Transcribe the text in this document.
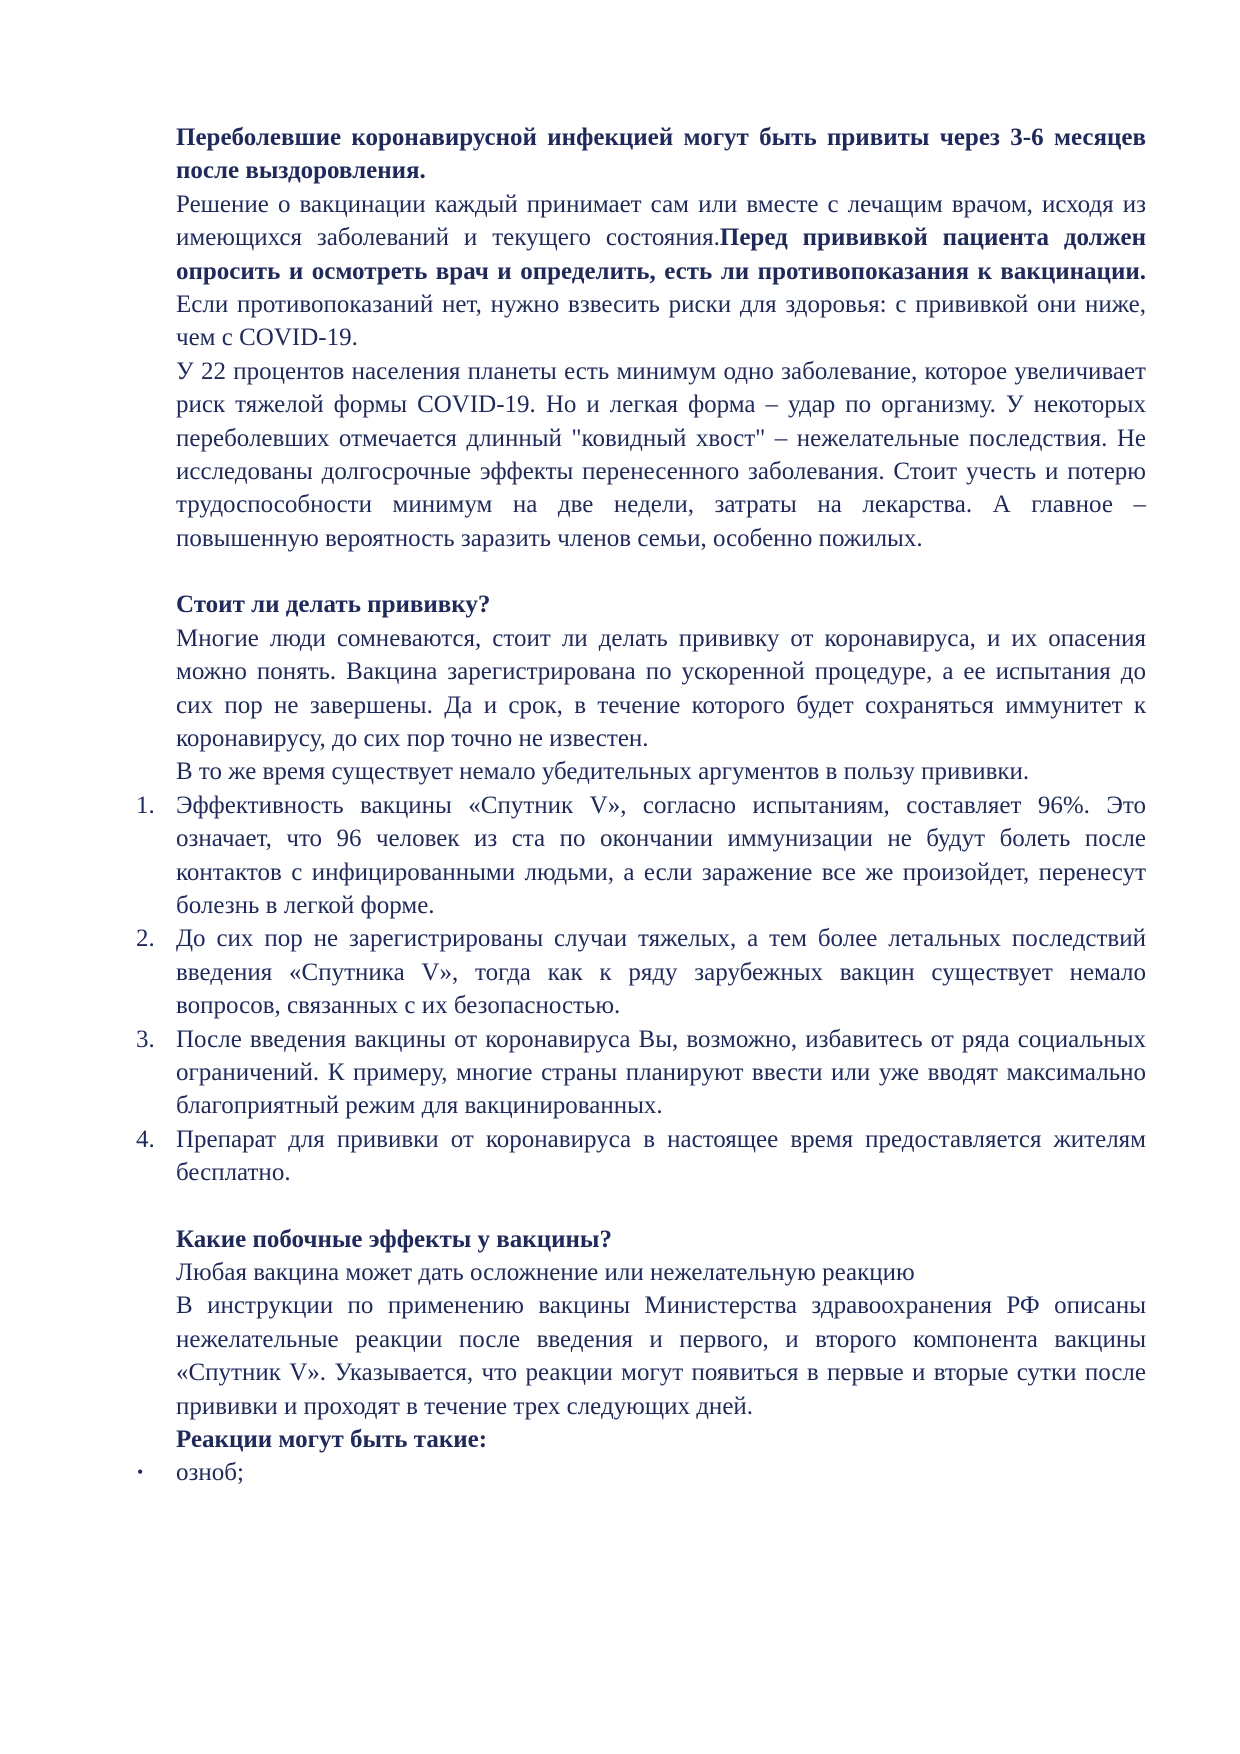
Переболевшие коронавирусной инфекцией могут быть привиты через 3-6 месяцев после выздоровления.

Решение о вакцинации каждый принимает сам или вместе с лечащим врачом, исходя из имеющихся заболеваний и текущего состояния.Перед прививкой пациента должен опросить и осмотреть врач и определить, есть ли противопоказания к вакцинации. Если противопоказаний нет, нужно взвесить риски для здоровья: с прививкой они ниже, чем с COVID-19.

У 22 процентов населения планеты есть минимум одно заболевание, которое увеличивает риск тяжелой формы COVID-19. Но и легкая форма – удар по организму. У некоторых переболевших отмечается длинный "ковидный хвост" – нежелательные последствия. Не исследованы долгосрочные эффекты перенесенного заболевания. Стоит учесть и потерю трудоспособности минимум на две недели, затраты на лекарства. А главное – повышенную вероятность заразить членов семьи, особенно пожилых.

Стоит ли делать прививку?

Многие люди сомневаются, стоит ли делать прививку от коронавируса, и их опасения можно понять. Вакцина зарегистрирована по ускоренной процедуре, а ее испытания до сих пор не завершены. Да и срок, в течение которого будет сохраняться иммунитет к коронавирусу, до сих пор точно не известен.

В то же время существует немало убедительных аргументов в пользу прививки.

1. Эффективность вакцины «Спутник V», согласно испытаниям, составляет 96%. Это означает, что 96 человек из ста по окончании иммунизации не будут болеть после контактов с инфицированными людьми, а если заражение все же произойдет, перенесут болезнь в легкой форме.
2. До сих пор не зарегистрированы случаи тяжелых, а тем более летальных последствий введения «Спутника V», тогда как к ряду зарубежных вакцин существует немало вопросов, связанных с их безопасностью.
3. После введения вакцины от коронавируса Вы, возможно, избавитесь от ряда социальных ограничений. К примеру, многие страны планируют ввести или уже вводят максимально благоприятный режим для вакцинированных.
4. Препарат для прививки от коронавируса в настоящее время предоставляется жителям бесплатно.

Какие побочные эффекты у вакцины?

Любая вакцина может дать осложнение или нежелательную реакцию

В инструкции по применению вакцины Министерства здравоохранения РФ описаны нежелательные реакции после введения и первого, и второго компонента вакцины «Спутник V». Указывается, что реакции могут появиться в первые и вторые сутки после прививки и проходят в течение трех следующих дней.

Реакции могут быть такие:

• озноб;
